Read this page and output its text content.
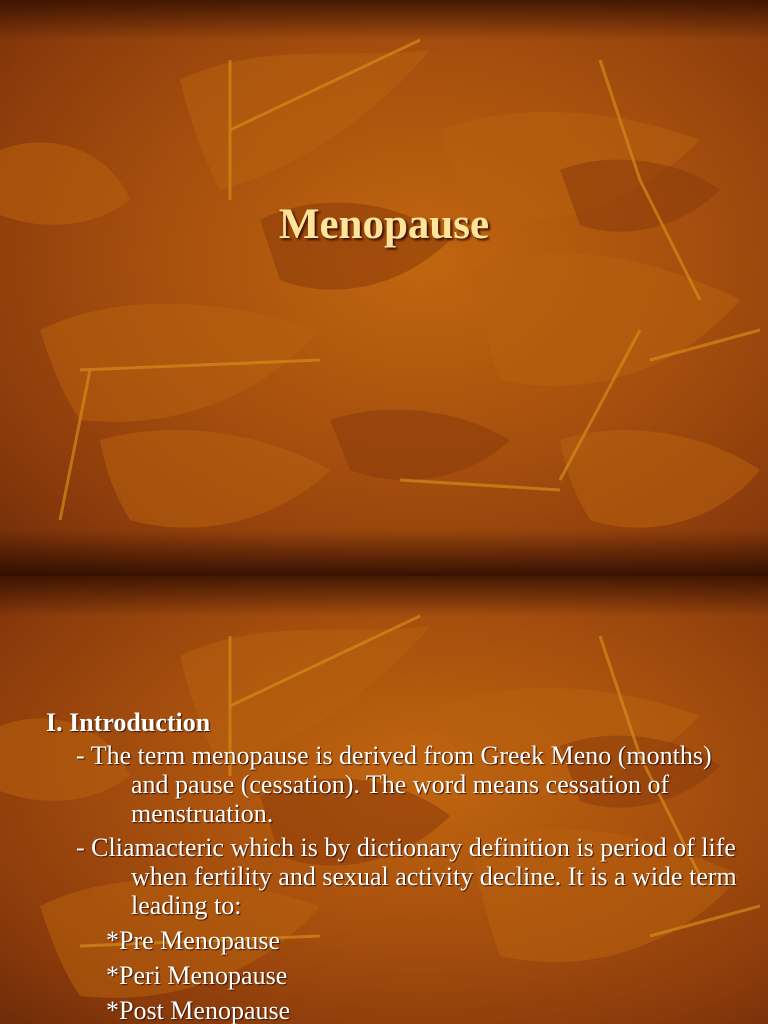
Menopause

I. Introduction

- The term menopause is derived from Greek Meno (months) and pause (cessation). The word means cessation of menstruation.

- Cliamacteric which is by dictionary definition is period of life when fertility and sexual activity decline. It is a wide term leading to:

*Pre Menopause

*Peri Menopause

*Post Menopause
